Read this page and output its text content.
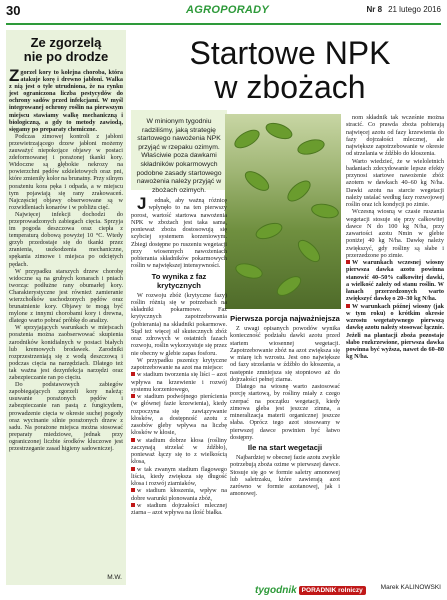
30	AGROPORADY	Nr 8 21 lutego 2016
Ze zgorzelą
nie po drodze

Zgorzel kory to kolejna choroba, która atakuje korę i drewno jabłoni. Walka z nią jest o tyle utrudniona, że na rynku jest ograniczona liczba pestycydów do ochrony sadów przed infekcjami. W myśl integrowanej ochrony roślin na pierwszym miejscu stawiamy walkę mechaniczną i biologiczną, a gdy to metody zawiodą, sięgamy po preparaty chemiczne.

Podczas zimowej kontroli z jabłoni przewietrzającego drzew jabłoni możemy zauważyć niepokojące objawy w postaci zdeformowanej i porażonej tkanki kory. Widoczne są głębokie nekrozy na powierzchni pędów szkieletowych oraz pni, które zmieniły kolor na brunatny. Przy silnym porażeniu kora pęka i odpada, a w miejscu tym pojawiają się rany zrakowaceń. Najczęściej objawy obserwowane są w rozwidleniach konarów i w pobliżu cięć.

Najwięcej infekcji dochodzi do przeprowadzonych zabiegach cięcia. Sprzyja im pogoda deszczowa oraz ciepła z temperaturą dobową powyżej 10 °C. Wtedy grzyb przedostaje się do tkanki przez zranienia, uszkodzenia mechaniczne, spękania zimowe i miejsca po odciętych pędach.

W przypadku starszych drzew chorobę widoczne są na grubych konarach i pniach tworząc podłużne rany obumarłej kory. Charakterystyczne jest również zamieranie wierzchołków uschodzonych pędów oraz brunatnienie kory. Objawy te mogą być mylone z innymi chorobami kory i drewna, dlatego warto pobrać próbkę do analizy.

W sprzyjających warunkach w miejscach porażenia można zaobserwować skupienia zarodników konidialnych w postaci białych lub kremowych brodawek. Zarodniki rozprzestrzeniają się z wodą deszczową i podczas cięcia na narzędziach. Dlatego też tak ważna jest dezynfekcja narzędzi oraz zabezpieczanie ran po cięciu.

Do podstawowych zabiegów zapobiegających zgorzeli kory należą: usuwanie porażonych pędów i zabezpieczanie ran pastą z fungicydem, prowadzenie cięcia w okresie suchej pogody oraz wycinanie silnie porażonych drzew z sadu. Na porażone miejsca można stosować preparaty miedziowe, jednak przy ograniczonej liczbie środków kluczowe jest przestrzeganie zasad higieny sadowniczej.

M.W.
Startowe NPK
w zbożach
W minionym tygodniu radziliśmy, jaką strategię startowego nawożenia NPK przyjąć w rzepaku ozimym. Właściwie poza dawkami składników pokarmowych podobne zasady startowego nawożenia należy przyjąć w zbożach ozimych.

J ednak, aby ważną różnicę wpłynęło to na ten pierwszy porost, wartość startowa nawożenia NPK w zbożach jest taka sama, ponieważ zboża dostosowują się szybciej systemem korzeniowym. Zbiegi dostępne po ruszeniu wegetacji przy wiosennych nawożeniach pobierania składników pokarmowych roślin w największej intensywności.

To wynika z faz krytycznych

W rozwoju zbóż (krytyczne fazy) roślin różnią się w potrzebach na składniki pokarmowe. Faz krytycznych zapotrzebowania (pobierania) na składniki pokarmowe. Stąd też więcej sił skutecznych zbóż oraz zdrowych w ostatnich fazach rozwoju, roślin wykorzystuje się przez nie obecny w glebie zapas fosforu.

W przypadku pszenicy krytyczne zapotrzebowanie na azot ma miejsce:

w stadium tworzenia się liści – azot wpływa na krzewienie i rozwój systemu korzeniowego,

w stadium podwójnego pierścienia (w głównej fazie krzewienia), kiedy rozpoczyna się zawiązywanie kłosków, a dostępność azotu z zasobów gleby wpływa na liczbę kłosków w kłosie,

w stadium dobrze kłosa (rośliny zaczynają strzelać w źdźbło), ponieważ łączy się to z wielkością kłosa,

w tak zwanym stadium flagowego liścia, kiedy zwiększa się długość kłosa i rozwój ziarniaków,

w stadium kłoszenia, wpływ na dobre warunki plonowania zbóż,

w stadium dojrzałości mlecznej ziarna – azot wpływa na ilość białka.

Pierwsza porcja najważniejsza

Z uwagi opisanych powodów wynika konieczność podziału dawki azotu przed startem wiosennej wegetacji. Zapotrzebowanie zbóż na azot zwiększa się w miarę ich wzrostu. Jest ono największe od fazy strzelania w źdźbło do kłoszenia, a następnie zmniejsza się stopniowo aż do dojrzałości pełnej ziarna.

Dlatego na wiosnę warto zastosować porcję startową, by rośliny miały z czego czerpać na początku wegetacji, kiedy zimowa gleba jest jeszcze zimna, a mineralizacja materii organicznej jeszcze słaba. Oprócz tego azot stosowany w pierwszej dawce powinien być łatwo dostępny.

Ile na start wegetacji

Najbardziej w obecnej fazie azotu zwykle potrzebują zboża ozime w pierwszej dawce. Stosuje się go w formie saletry amonowej lub saletrzaku, które zawierają azot zarówno w formie azotanowej, jak i amonowej.

nom składnik tak wcześnie można stracić. Co prawda zboża pobierają najwięcej azotu od fazy krzewienia do fazy dojrzałości mlecznej, ale największe zapotrzebowanie w okresie od strzelania w źdźbło do kłoszenia.

Warto wiedzieć, że w wieloletnich badaniach zdecydowanie lepsze efekty przynosi startowe nawożenie zbóż azotem w dawkach 40–60 kg N/ha. Dawki azotu na starcie wegetacji należy ustalać według fazy rozwojowej roślin oraz ich kondycji po zimie.

Wczesną wiosną w czasie ruszania wegetacji stosuje się przy całkowitej dawce N do 100 kg N/ha, przy zawartości azotu Nmin w glebie poniżej 40 kg N/ha. Dawkę należy zwiększyć, gdy rośliny są słabe i przerzedzone po zimie.

W warunkach wczesnej wiosny pierwsza dawka azotu powinna stanowić 40–50% całkowitej dawki, a wielkość zależy od stanu roślin. W łanach przerzedzonych warto zwiększyć dawkę o 20–30 kg N/ha.

W warunkach późnej wiosny (jak w tym roku) o krótkim okresie wzrostu wegetatywnego pierwszą dawkę azotu należy stosować łącznie. Jeżeli na plantacji zboża pozostaje słabo rozkrzewione, pierwsza dawka powinna być wyższa, nawet do 60–80 kg N/ha.

Marek KALINOWSKI
tygodnik PORADNIK rolniczy
